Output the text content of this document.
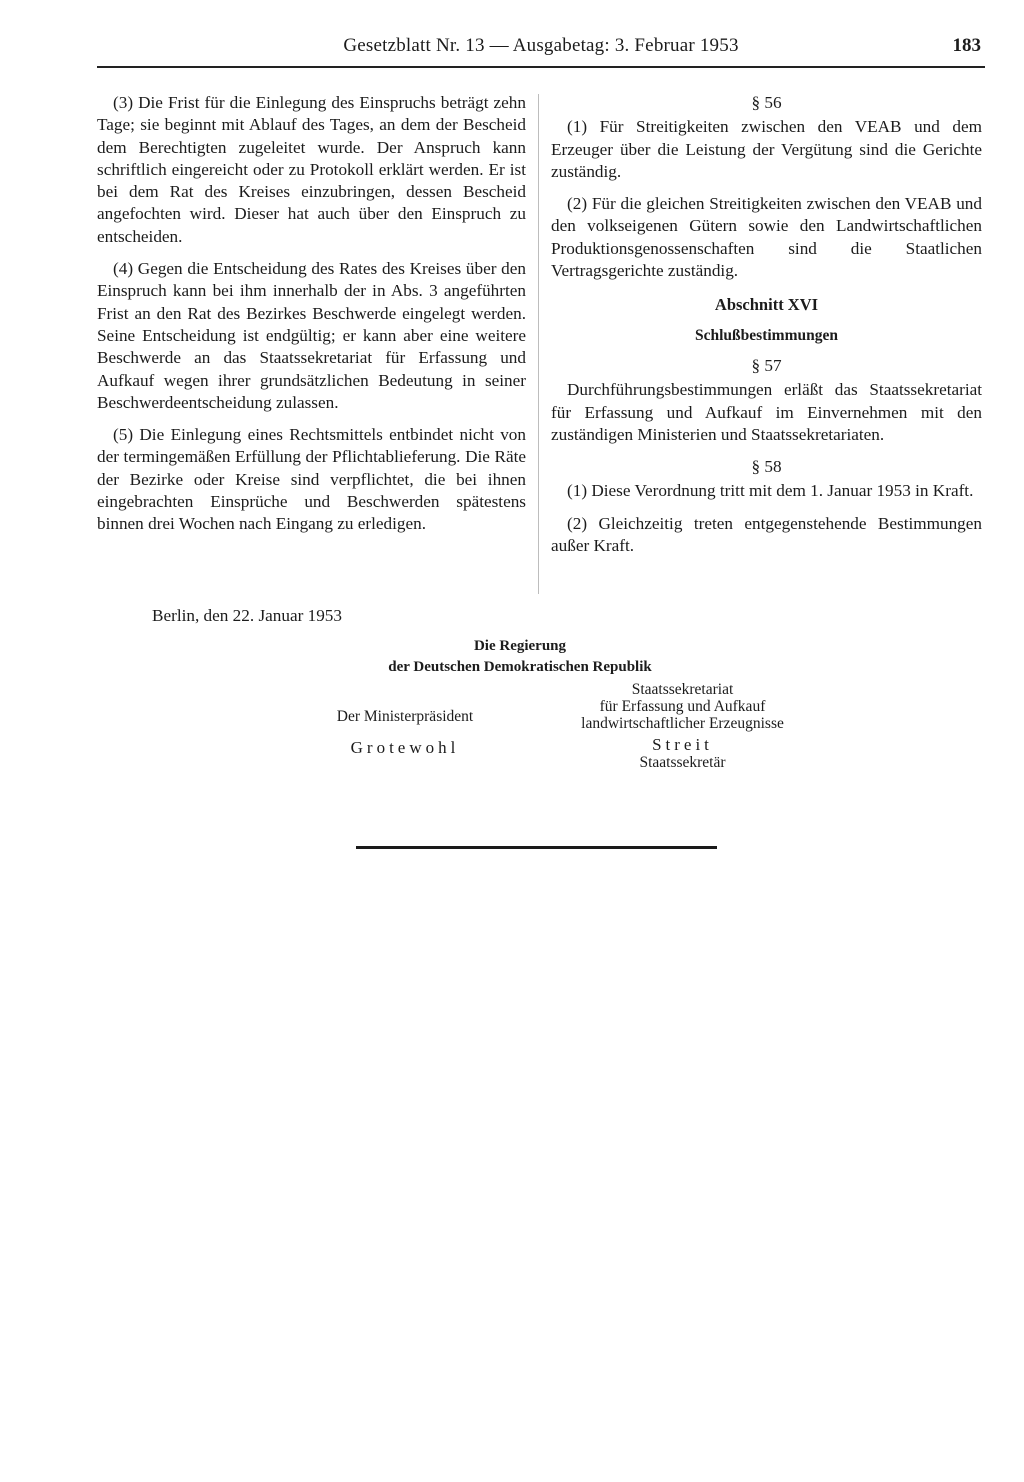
Gesetzblatt Nr. 13 — Ausgabetag: 3. Februar 1953	183

(3) Die Frist für die Einlegung des Einspruchs beträgt zehn Tage; sie beginnt mit Ablauf des Tages, an dem der Bescheid dem Berechtigten zugeleitet wurde. Der Anspruch kann schriftlich eingereicht oder zu Protokoll erklärt werden. Er ist bei dem Rat des Kreises einzubringen, dessen Bescheid angefochten wird. Dieser hat auch über den Einspruch zu entscheiden.

(4) Gegen die Entscheidung des Rates des Kreises über den Einspruch kann bei ihm innerhalb der in Abs. 3 angeführten Frist an den Rat des Bezirkes Beschwerde eingelegt werden. Seine Entscheidung ist endgültig; er kann aber eine weitere Beschwerde an das Staatssekretariat für Erfassung und Aufkauf wegen ihrer grundsätzlichen Bedeutung in seiner Beschwerdeentscheidung zulassen.

(5) Die Einlegung eines Rechtsmittels entbindet nicht von der termingemäßen Erfüllung der Pflichtablieferung. Die Räte der Bezirke oder Kreise sind verpflichtet, die bei ihnen eingebrachten Einsprüche und Beschwerden spätestens binnen drei Wochen nach Eingang zu erledigen.

§ 56

(1) Für Streitigkeiten zwischen den VEAB und dem Erzeuger über die Leistung der Vergütung sind die Gerichte zuständig.

(2) Für die gleichen Streitigkeiten zwischen den VEAB und den volkseigenen Gütern sowie den Landwirtschaftlichen Produktionsgenossenschaften sind die Staatlichen Vertragsgerichte zuständig.

Abschnitt XVI
Schlußbestimmungen
§ 57

Durchführungsbestimmungen erläßt das Staatssekretariat für Erfassung und Aufkauf im Einvernehmen mit den zuständigen Ministerien und Staatssekretariaten.

§ 58

(1) Diese Verordnung tritt mit dem 1. Januar 1953 in Kraft.

(2) Gleichzeitig treten entgegenstehende Bestimmungen außer Kraft.

Berlin, den 22. Januar 1953
Die Regierung
der Deutschen Demokratischen Republik
Der Ministerpräsident
Grotewohl
Staatssekretariat
für Erfassung und Aufkauf
landwirtschaftlicher Erzeugnisse
Streit
Staatssekretär
